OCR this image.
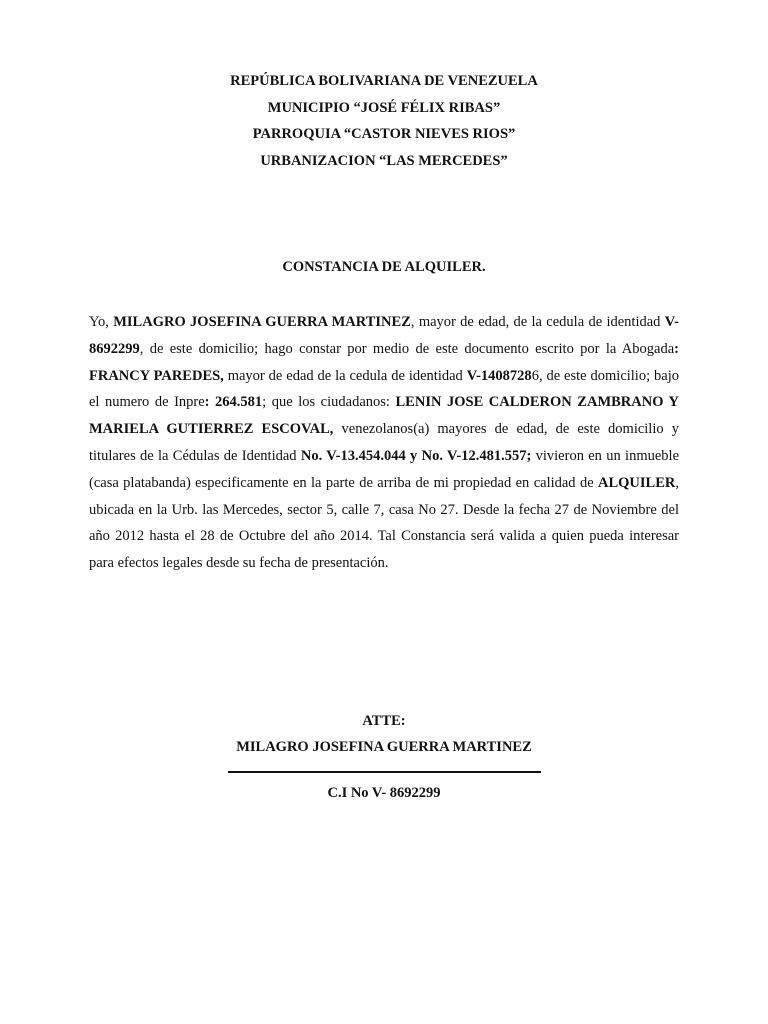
REPÚBLICA BOLIVARIANA DE VENEZUELA
MUNICIPIO “JOSÉ FÉLIX RIBAS”
PARROQUIA “CASTOR NIEVES RIOS”
URBANIZACION “LAS MERCEDES”
CONSTANCIA DE ALQUILER.
Yo, MILAGRO JOSEFINA GUERRA MARTINEZ, mayor de edad, de la cedula de identidad V- 8692299, de este domicilio; hago constar por medio de este documento escrito por la Abogada: FRANCY PAREDES, mayor de edad de la cedula de identidad V-14087286, de este domicilio; bajo el numero de Inpre: 264.581; que los ciudadanos: LENIN JOSE CALDERON ZAMBRANO Y MARIELA GUTIERREZ ESCOVAL, venezolanos(a) mayores de edad, de este domicilio y titulares de la Cédulas de Identidad No. V-13.454.044 y No. V-12.481.557; vivieron en un inmueble (casa platabanda) especificamente en la parte de arriba de mi propiedad en calidad de ALQUILER, ubicada en la Urb. las Mercedes, sector 5, calle 7, casa No 27. Desde la fecha 27 de Noviembre del año 2012 hasta el 28 de Octubre del año 2014. Tal Constancia será valida a quien pueda interesar para efectos legales desde su fecha de presentación.
ATTE:
MILAGRO JOSEFINA GUERRA MARTINEZ
C.I No V- 8692299
